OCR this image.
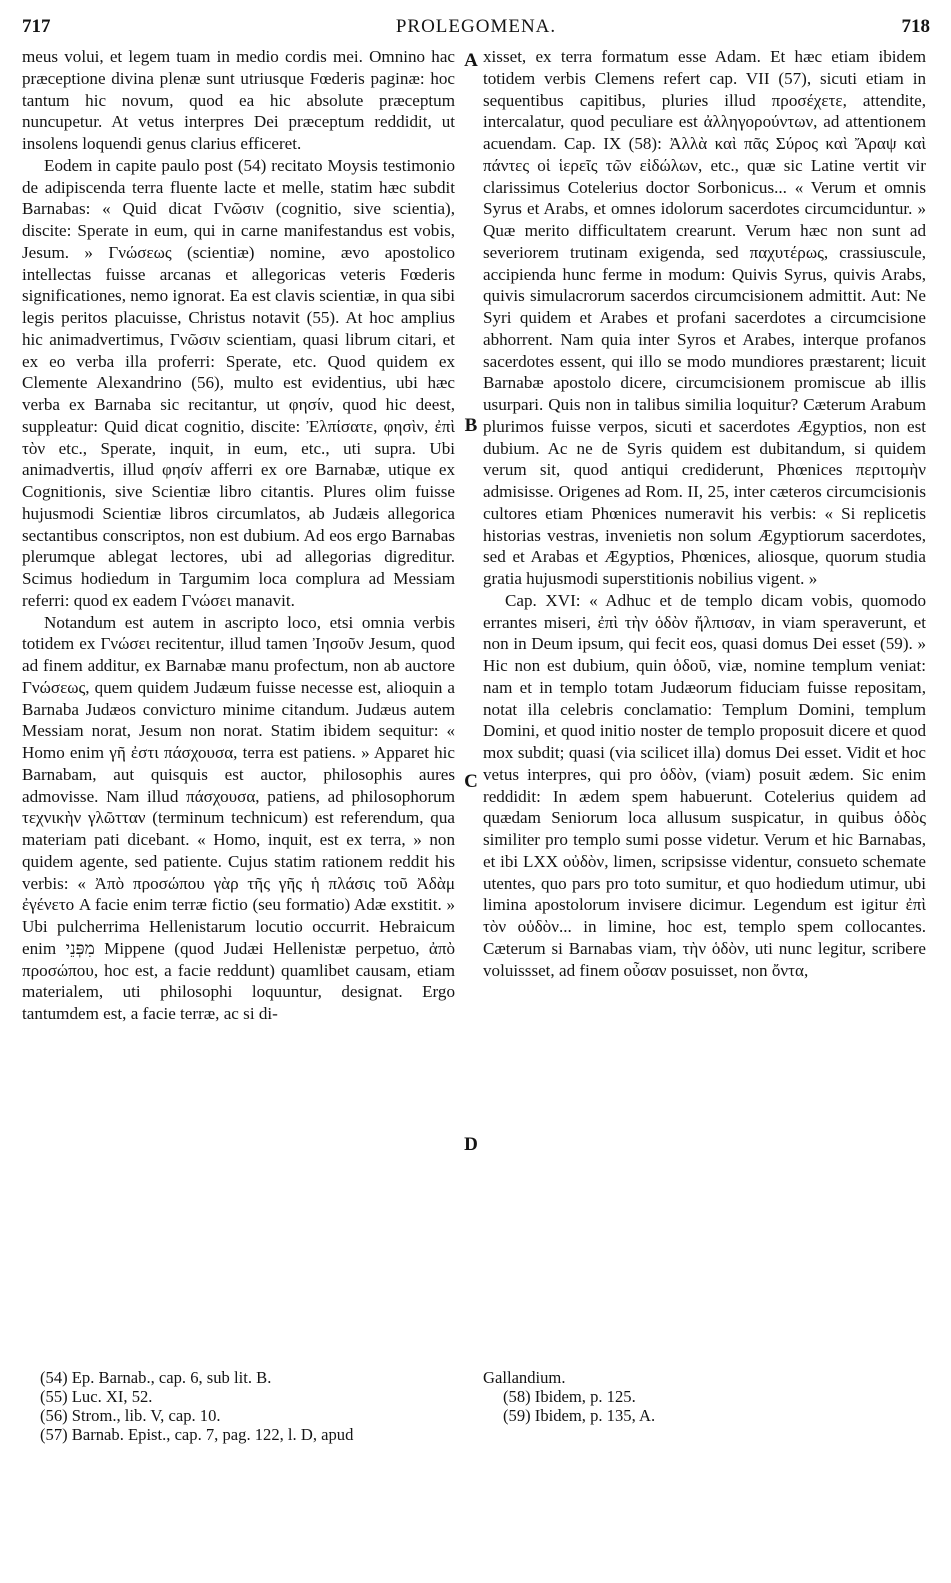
717	PROLEGOMENA.	718

meus volui, et legem tuam in medio cordis mei. Omnino hac præceptione divina plenæ sunt utriusque Fœderis paginæ: hoc tantum hic novum, quod ea hic absolute præceptum nuncupetur. At vetus interpres Dei præceptum reddidit, ut insolens loquendi genus clarius efficeret.

Eodem in capite paulo post (54) recitato Moysis testimonio de adipiscenda terra fluente lacte et melle, statim hæc subdit Barnabas: « Quid dicat Γνῶσιν (cognitio, sive scientia), discite: Sperate in eum, qui in carne manifestandus est vobis, Jesum. » Γνώσεως (scientiæ) nomine, ævo apostolico intellectas fuisse arcanas et allegoricas veteris Fœderis significationes, nemo ignorat. Ea est clavis scientiæ, in qua sibi legis peritos placuisse, Christus notavit (55). At hoc amplius hic animadvertimus, Γνῶσιν scientiam, quasi librum citari, et ex eo verba illa proferri: Sperate, etc. Quod quidem ex Clemente Alexandrino (56), multo est evidentius, ubi hæc verba ex Barnaba sic recitantur, ut φησίν, quod hic deest, suppleatur: Quid dicat cognitio, discite: Ἐλπίσατε, φησὶν, ἐπὶ τὸν etc., Sperate, inquit, in eum, etc., uti supra. Ubi animadvertis, illud φησίν afferri ex ore Barnabæ, utique ex Cognitionis, sive Scientiæ libro citantis. Plures olim fuisse hujusmodi Scientiæ libros circumlatos, ab Judæis allegorica sectantibus conscriptos, non est dubium. Ad eos ergo Barnabas plerumque ablegat lectores, ubi ad allegorias digreditur. Scimus hodiedum in Targumim loca complura ad Messiam referri: quod ex eadem Γνώσει manavit.

Notandum est autem in ascripto loco, etsi omnia verbis totidem ex Γνώσει recitentur, illud tamen Ἰησοῦν Jesum, quod ad finem additur, ex Barnabæ manu profectum, non ab auctore Γνώσεως, quem quidem Judæum fuisse necesse est, alioquin a Barnaba Judæos convicturo minime citandum. Judæus autem Messiam norat, Jesum non norat. Statim ibidem sequitur: « Homo enim γῆ ἐστι πάσχουσα, terra est patiens. » Apparet hic Barnabam, aut quisquis est auctor, philosophis aures admovisse. Nam illud πάσχουσα, patiens, ad philosophorum τεχνικὴν γλῶτταν (terminum technicum) est referendum, qua materiam pati dicebant. « Homo, inquit, est ex terra, » non quidem agente, sed patiente. Cujus statim rationem reddit his verbis: « Ἀπὸ προσώπου γὰρ τῆς γῆς ἡ πλάσις τοῦ Ἀδὰμ ἐγένετο A facie enim terræ fictio (seu formatio) Adæ exstitit. » Ubi pulcherrima Hellenistarum locutio occurrit. Hebraicum enim מִפְּנֵי Mippene (quod Judæi Hellenistæ perpetuo, ἀπὸ προσώπου, hoc est, a facie reddunt) quamlibet causam, etiam materialem, uti philosophi loquuntur, designat. Ergo tantumdem est, a facie terræ, ac si di-

A
B
C
D

xisset, ex terra formatum esse Adam. Et hæc etiam ibidem totidem verbis Clemens refert cap. VII (57), sicuti etiam in sequentibus capitibus, pluries illud προσέχετε, attendite, intercalatur, quod peculiare est ἀλληγορούντων, ad attentionem acuendam. Cap. IX (58): Ἀλλὰ καὶ πᾶς Σύρος καὶ Ἄραψ καὶ πάντες οἱ ἱερεῖς τῶν εἰδώλων, etc., quæ sic Latine vertit vir clarissimus Cotelerius doctor Sorbonicus... « Verum et omnis Syrus et Arabs, et omnes idolorum sacerdotes circumciduntur. » Quæ merito difficultatem crearunt. Verum hæc non sunt ad severiorem trutinam exigenda, sed παχυτέρως, crassiuscule, accipienda hunc ferme in modum: Quivis Syrus, quivis Arabs, quivis simulacrorum sacerdos circumcisionem admittit. Aut: Ne Syri quidem et Arabes et profani sacerdotes a circumcisione abhorrent. Nam quia inter Syros et Arabes, interque profanos sacerdotes essent, qui illo se modo mundiores præstarent; licuit Barnabæ apostolo dicere, circumcisionem promiscue ab illis usurpari. Quis non in talibus similia loquitur? Cæterum Arabum plurimos fuisse verpos, sicuti et sacerdotes Ægyptios, non est dubium. Ac ne de Syris quidem est dubitandum, si quidem verum sit, quod antiqui crediderunt, Phœnices περιτομὴν admisisse. Origenes ad Rom. II, 25, inter cæteros circumcisionis cultores etiam Phœnices numeravit his verbis: « Si replicetis historias vestras, invenietis non solum Ægyptiorum sacerdotes, sed et Arabas et Ægyptios, Phœnices, aliosque, quorum studia gratia hujusmodi superstitionis nobilius vigent. »

Cap. XVI: « Adhuc et de templo dicam vobis, quomodo errantes miseri, ἐπὶ τὴν ὁδὸν ἤλπισαν, in viam speraverunt, et non in Deum ipsum, qui fecit eos, quasi domus Dei esset (59). » Hic non est dubium, quin ὁδοῦ, viæ, nomine templum veniat: nam et in templo totam Judæorum fiduciam fuisse repositam, notat illa celebris conclamatio: Templum Domini, templum Domini, et quod initio noster de templo proposuit dicere et quod mox subdit; quasi (via scilicet illa) domus Dei esset. Vidit et hoc vetus interpres, qui pro ὁδὸν, (viam) posuit ædem. Sic enim reddidit: In ædem spem habuerunt. Cotelerius quidem ad quædam Seniorum loca allusum suspicatur, in quibus ὁδὸς similiter pro templo sumi posse videtur. Verum et hic Barnabas, et ibi LXX οὐδὸν, limen, scripsisse videntur, consueto schemate utentes, quo pars pro toto sumitur, et quo hodiedum utimur, ubi limina apostolorum invisere dicimur. Legendum est igitur ἐπὶ τὸν οὐδὸν... in limine, hoc est, templo spem collocantes. Cæterum si Barnabas viam, τὴν ὁδὸν, uti nunc legitur, scribere voluissset, ad finem οὖσαν posuisset, non ὄντα,

(54) Ep. Barnab., cap. 6, sub lit. B.
(55) Luc. XI, 52.
(56) Strom., lib. V, cap. 10.
(57) Barnab. Epist., cap. 7, pag. 122, l. D, apud
Gallandium.
(58) Ibidem, p. 125.
(59) Ibidem, p. 135, A.
